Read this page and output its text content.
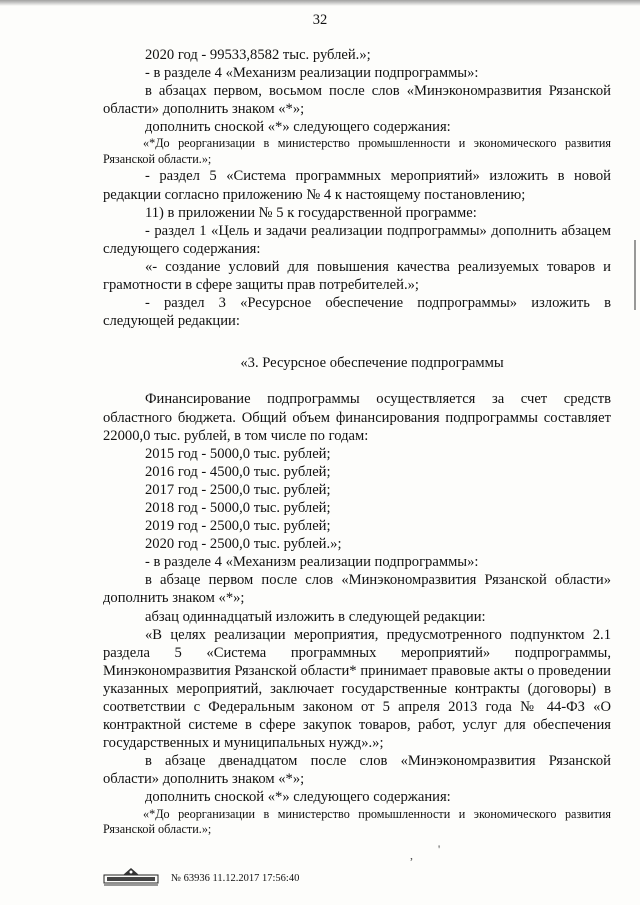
32

2020 год - 99533,8582 тыс. рублей.»;

- в разделе 4 «Механизм реализации подпрограммы»:

в абзацах первом, восьмом после слов «Минэкономразвития Рязанской области» дополнить знаком «*»;

дополнить сноской «*» следующего содержания:

«*До реорганизации в министерство промышленности и экономического развития Рязанской области.»;

- раздел 5 «Система программных мероприятий» изложить в новой редакции согласно приложению № 4 к настоящему постановлению;

11) в приложении № 5 к государственной программе:

- раздел 1 «Цель и задачи реализации подпрограммы» дополнить абзацем следующего содержания:

«- создание условий для повышения качества реализуемых товаров и грамотности в сфере защиты прав потребителей.»;

- раздел 3 «Ресурсное обеспечение подпрограммы» изложить в следующей редакции:

«3. Ресурсное обеспечение подпрограммы

Финансирование подпрограммы осуществляется за счет средств областного бюджета. Общий объем финансирования подпрограммы составляет 22000,0 тыс. рублей, в том числе по годам:

2015 год - 5000,0 тыс. рублей;

2016 год - 4500,0 тыс. рублей;

2017 год - 2500,0 тыс. рублей;

2018 год - 5000,0 тыс. рублей;

2019 год - 2500,0 тыс. рублей;

2020 год - 2500,0 тыс. рублей.»;

- в разделе 4 «Механизм реализации подпрограммы»:

в абзаце первом после слов «Минэкономразвития Рязанской области» дополнить знаком «*»;

абзац одиннадцатый изложить в следующей редакции:

«В целях реализации мероприятия, предусмотренного подпунктом 2.1 раздела 5 «Система программных мероприятий» подпрограммы, Минэкономразвития Рязанской области* принимает правовые акты о проведении указанных мероприятий, заключает государственные контракты (договоры) в соответствии с Федеральным законом от 5 апреля 2013 года № 44-ФЗ «О контрактной системе в сфере закупок товаров, работ, услуг для обеспечения государственных и муниципальных нужд».»;

в абзаце двенадцатом после слов «Минэкономразвития Рязанской области» дополнить знаком «*»;

дополнить сноской «*» следующего содержания:

«*До реорганизации в министерство промышленности и экономического развития Рязанской области.»;

, '
№ 63936 11.12.2017 17:56:40
